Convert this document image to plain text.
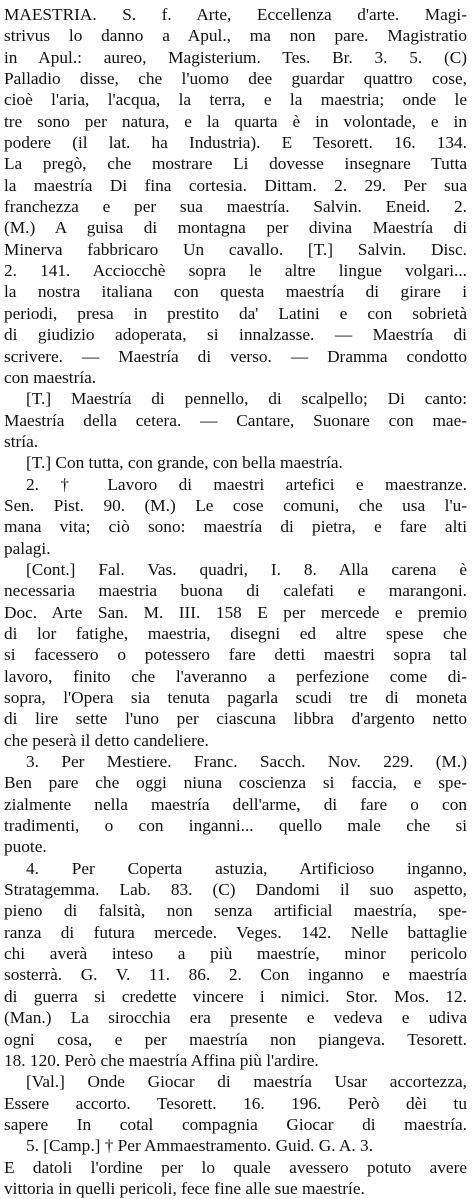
MAESTRIA. S. f. Arte, Eccellenza d'arte. Magi-
strivus lo danno a Apul., ma non pare. Magistratio
in Apul.: aureo, Magisterium. Tes. Br. 3. 5. (C)
Palladio disse, che l'uomo dee guardar quattro cose,
cioè l'aria, l'acqua, la terra, e la maestria; onde le
tre sono per natura, e la quarta è in volontade, e in
podere (il lat. ha Industria). E Tesorett. 16. 134.
La pregò, che mostrare Li dovesse insegnare Tutta
la maestría Di fina cortesia. Dittam. 2. 29. Per sua
franchezza e per sua maestría. Salvin. Eneid. 2.
(M.) A guisa di montagna per divina Maestría di
Minerva fabbricaro Un cavallo. [T.] Salvin. Disc.
2. 141. Acciocchè sopra le altre lingue volgari...
la nostra italiana con questa maestría di girare i
periodi, presa in prestito da' Latini e con sobrietà
di giudizio adoperata, si innalzasse. — Maestría di
scrivere. — Maestría di verso. — Dramma condotto
con maestría.
[T.] Maestría di pennello, di scalpello; Di canto:
Maestría della cetera. — Cantare, Suonare con mae-
stría.
[T.] Con tutta, con grande, con bella maestría.
2. † Lavoro di maestri artefici e maestranze.
Sen. Pist. 90. (M.) Le cose comuni, che usa l'u-
mana vita; ciò sono: maestría di pietra, e fare alti
palagi.
[Cont.] Fal. Vas. quadri, I. 8. Alla carena è
necessaria maestria buona di calefati e marangoni.
Doc. Arte San. M. III. 158 E per mercede e premio
di lor fatighe, maestria, disegni ed altre spese che
si facessero o potessero fare detti maestri sopra tal
lavoro, finito che l'averanno a perfezione come di-
sopra, l'Opera sia tenuta pagarla scudi tre di moneta
di lire sette l'uno per ciascuna libbra d'argento netto
che peserà il detto candeliere.
3. Per Mestiere. Franc. Sacch. Nov. 229. (M.)
Ben pare che oggi niuna coscienza si faccia, e spe-
zialmente nella maestría dell'arme, di fare o con
tradimenti, o con inganni... quello male che si
puote.
4. Per Coperta astuzia, Artificioso inganno,
Stratagemma. Lab. 83. (C) Dandomi il suo aspetto,
pieno di falsità, non senza artificial maestría, spe-
ranza di futura mercede. Veges. 142. Nelle battaglie
chi averà inteso a più maestríe, minor pericolo
sosterrà. G. V. 11. 86. 2. Con inganno e maestría
di guerra si credette vincere i nimici. Stor. Mos. 12.
(Man.) La sirocchia era presente e vedeva e udiva
ogni cosa, e per maestría non piangeva. Tesorett.
18. 120. Però che maestría Affina più l'ardire.
[Val.] Onde Giocar di maestría Usar accortezza,
Essere accorto. Tesorett. 16. 196. Però dèi tu
sapere In cotal compagnia Giocar di maestría.
5. [Camp.] † Per Ammaestramento. Guid. G. A. 3.
E datoli l'ordine per lo quale avessero potuto avere
vittoria in quelli pericoli, fece fine alle sue maestríe.
